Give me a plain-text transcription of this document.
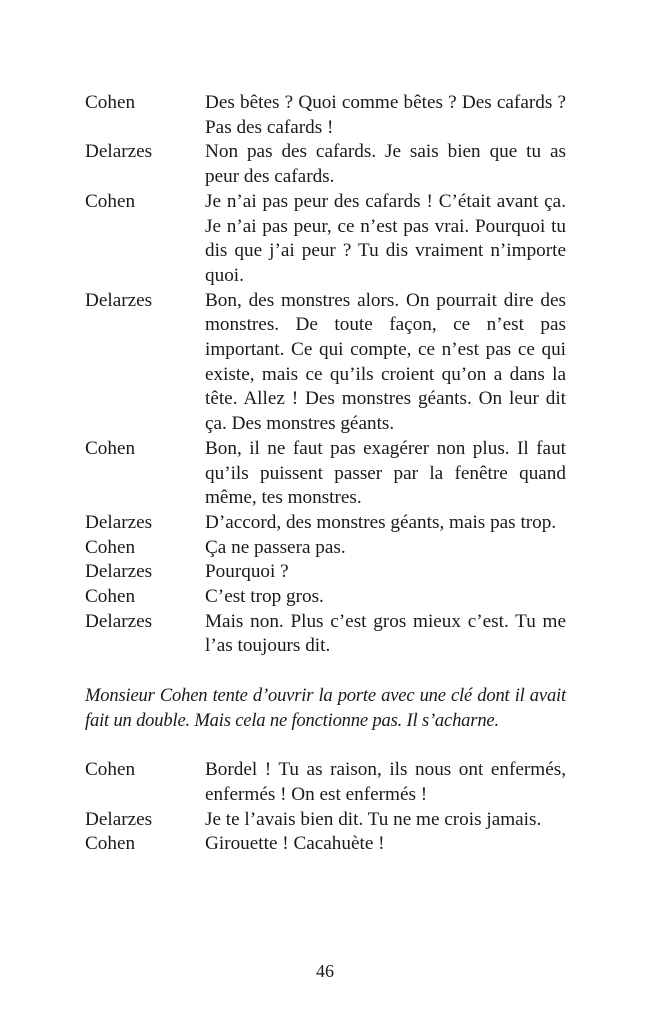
Cohen	Des bêtes ? Quoi comme bêtes ? Des cafards ? Pas des cafards !
Delarzes	Non pas des cafards. Je sais bien que tu as peur des cafards.
Cohen	Je n’ai pas peur des cafards ! C’était avant ça. Je n’ai pas peur, ce n’est pas vrai. Pourquoi tu dis que j’ai peur ? Tu dis vraiment n’importe quoi.
Delarzes	Bon, des monstres alors. On pourrait dire des monstres. De toute façon, ce n’est pas important. Ce qui compte, ce n’est pas ce qui existe, mais ce qu’ils croient qu’on a dans la tête. Allez ! Des monstres géants. On leur dit ça. Des monstres géants.
Cohen	Bon, il ne faut pas exagérer non plus. Il faut qu’ils puissent passer par la fenêtre quand même, tes monstres.
Delarzes	D’accord, des monstres géants, mais pas trop.
Cohen	Ça ne passera pas.
Delarzes	Pourquoi ?
Cohen	C’est trop gros.
Delarzes	Mais non. Plus c’est gros mieux c’est. Tu me l’as toujours dit.
Monsieur Cohen tente d’ouvrir la porte avec une clé dont il avait fait un double. Mais cela ne fonctionne pas. Il s’acharne.
Cohen	Bordel ! Tu as raison, ils nous ont enfermés, enfermés ! On est enfermés !
Delarzes	Je te l’avais bien dit. Tu ne me crois jamais.
Cohen	Girouette ! Cacahuète !
46
